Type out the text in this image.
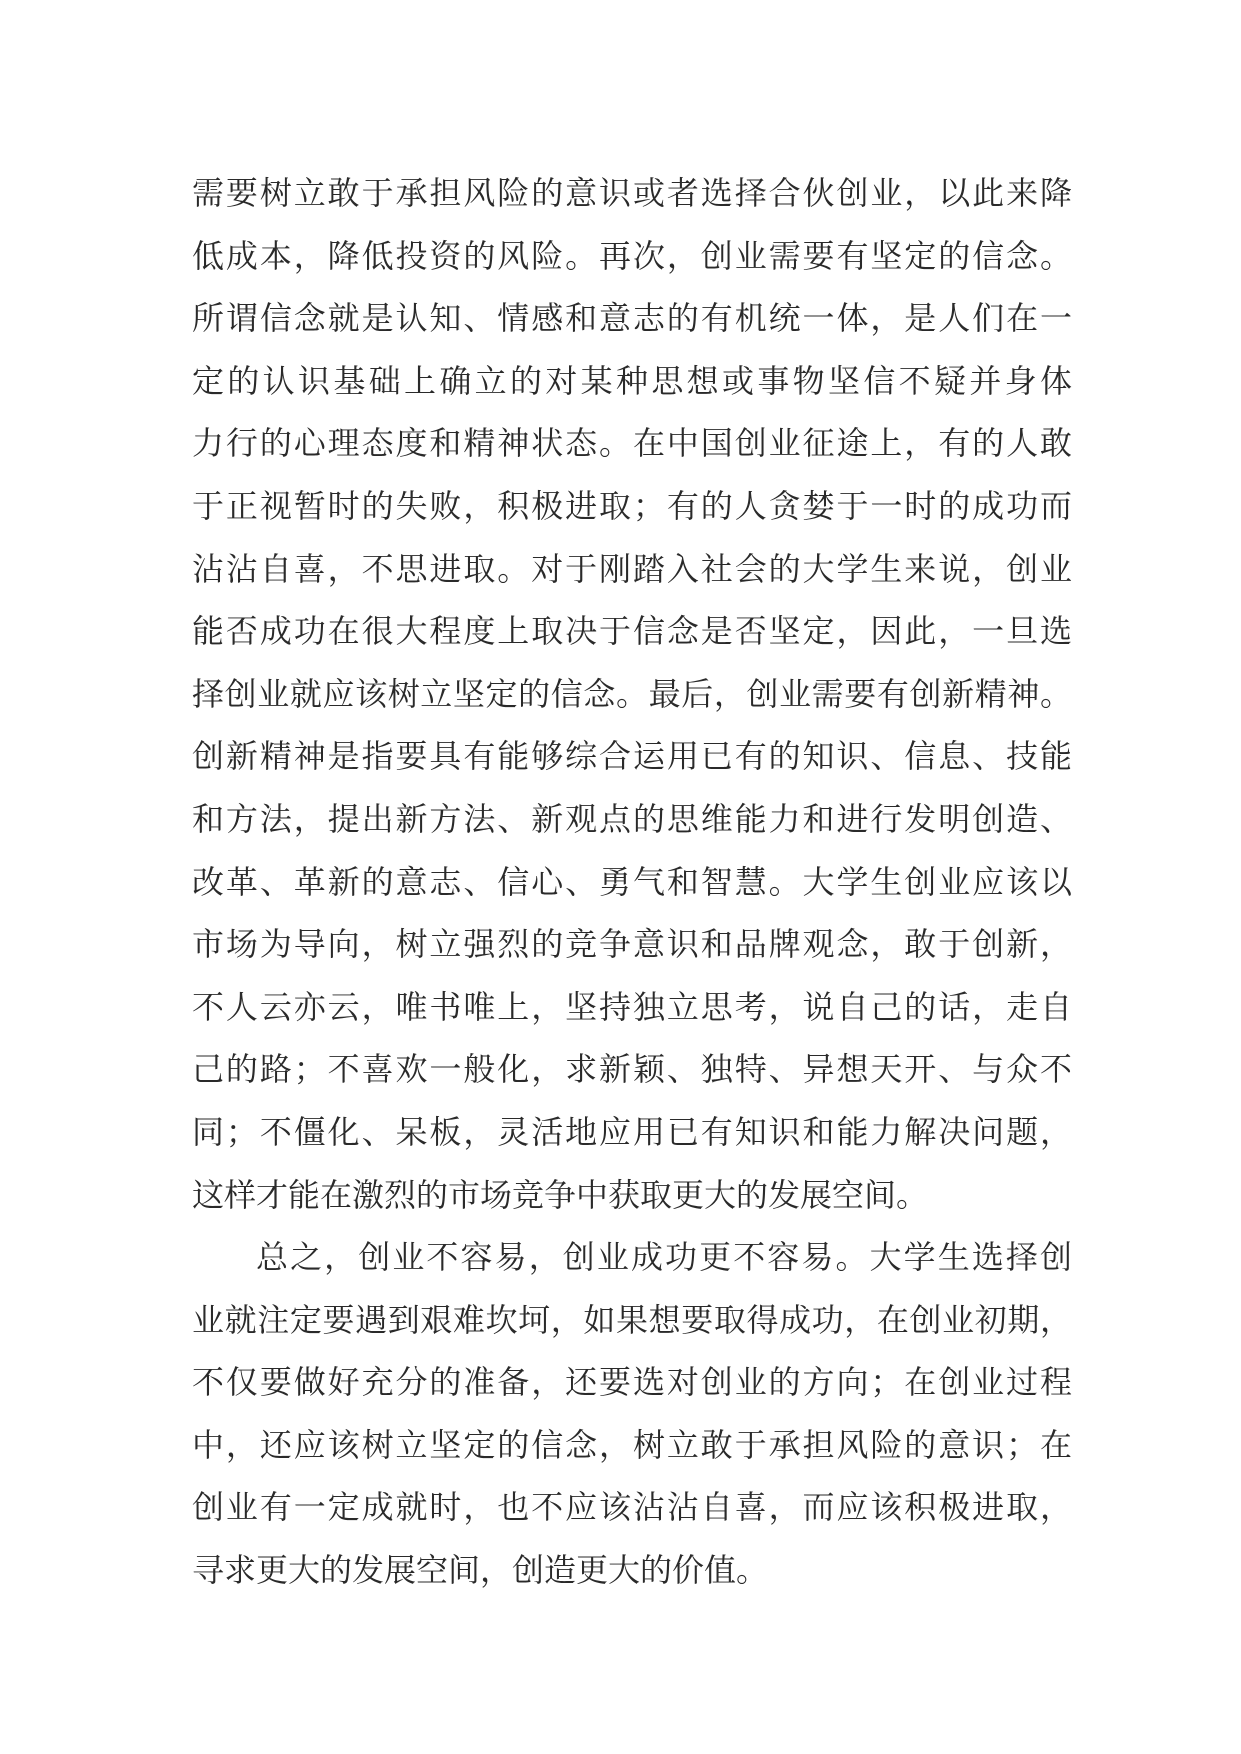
需要树立敢于承担风险的意识或者选择合伙创业，以此来降
低成本，降低投资的风险。再次，创业需要有坚定的信念。
所谓信念就是认知、情感和意志的有机统一体，是人们在一
定的认识基础上确立的对某种思想或事物坚信不疑并身体
力行的心理态度和精神状态。在中国创业征途上，有的人敢
于正视暂时的失败，积极进取；有的人贪婪于一时的成功而
沾沾自喜，不思进取。对于刚踏入社会的大学生来说，创业
能否成功在很大程度上取决于信念是否坚定，因此，一旦选
择创业就应该树立坚定的信念。最后，创业需要有创新精神。
创新精神是指要具有能够综合运用已有的知识、信息、技能
和方法，提出新方法、新观点的思维能力和进行发明创造、
改革、革新的意志、信心、勇气和智慧。大学生创业应该以
市场为导向，树立强烈的竞争意识和品牌观念，敢于创新，
不人云亦云，唯书唯上，坚持独立思考，说自己的话，走自
己的路；不喜欢一般化，求新颖、独特、异想天开、与众不
同；不僵化、呆板，灵活地应用已有知识和能力解决问题，
这样才能在激烈的市场竞争中获取更大的发展空间。
总之，创业不容易，创业成功更不容易。大学生选择创
业就注定要遇到艰难坎坷，如果想要取得成功，在创业初期，
不仅要做好充分的准备，还要选对创业的方向；在创业过程
中，还应该树立坚定的信念，树立敢于承担风险的意识；在
创业有一定成就时，也不应该沾沾自喜，而应该积极进取，
寻求更大的发展空间，创造更大的价值。
